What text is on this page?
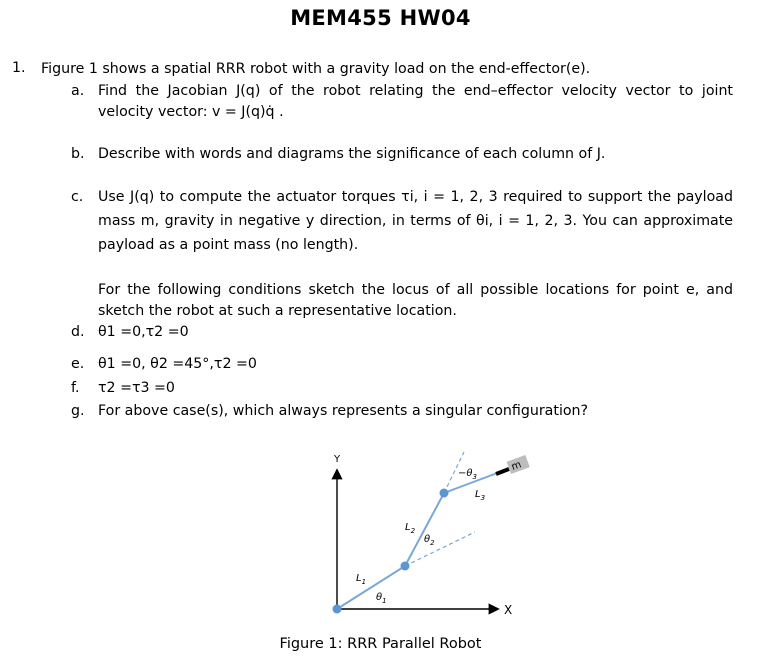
MEM455 HW04
1. Figure 1 shows a spatial RRR robot with a gravity load on the end-effector(e).
a. Find the Jacobian J(q) of the robot relating the end–effector velocity vector to joint
velocity vector: v = J(q)q̇ .
b. Describe with words and diagrams the significance of each column of J.
c. Use J(q) to compute the actuator torques τi, i = 1, 2, 3 required to support the payload
mass m, gravity in negative y direction, in terms of θi, i = 1, 2, 3. You can approximate
payload as a point mass (no length).
For the following conditions sketch the locus of all possible locations for point e, and
sketch the robot at such a representative location.
d. θ1 =0,τ2 =0
e. θ1 =0, θ2 =45°,τ2 =0
f. τ2 =τ3 =0
g. For above case(s), which always represents a singular configuration?
Y
X
m
$L_1$
$L_2$
$L_3$
$\theta_1$
$\theta_2$
$-\theta_3$
Figure 1: RRR Parallel Robot
